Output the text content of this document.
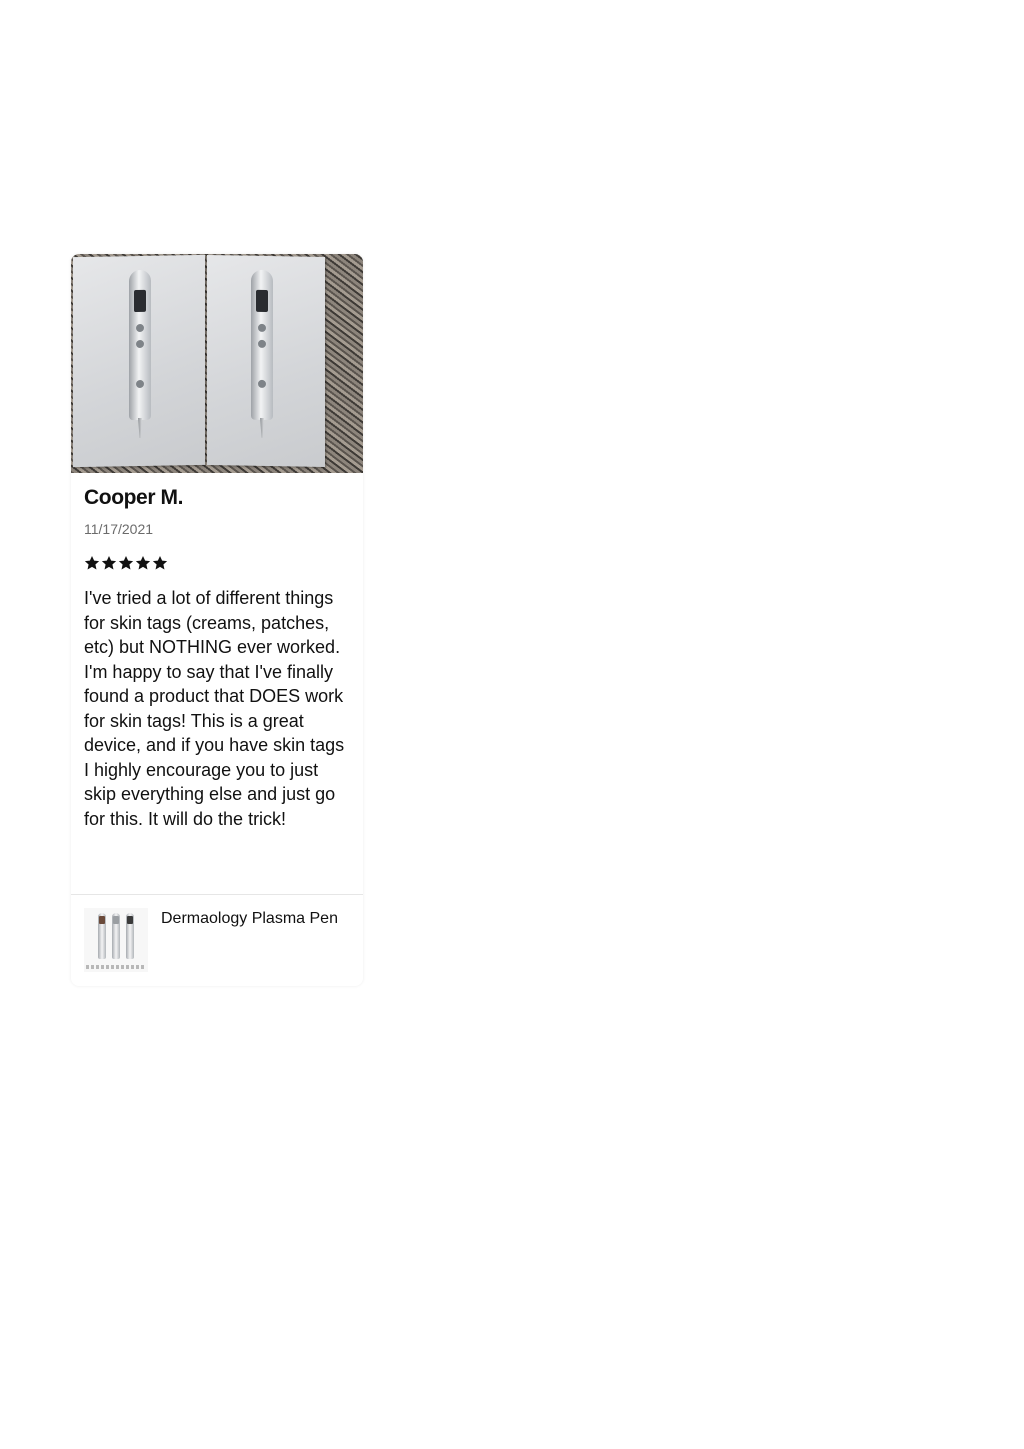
Cooper M.
11/17/2021
I've tried a lot of different things for skin tags (creams, patches, etc) but NOTHING ever worked. I'm happy to say that I've finally found a product that DOES work for skin tags! This is a great device, and if you have skin tags I highly encourage you to just skip everything else and just go for this. It will do the trick!
Dermaology Plasma Pen
